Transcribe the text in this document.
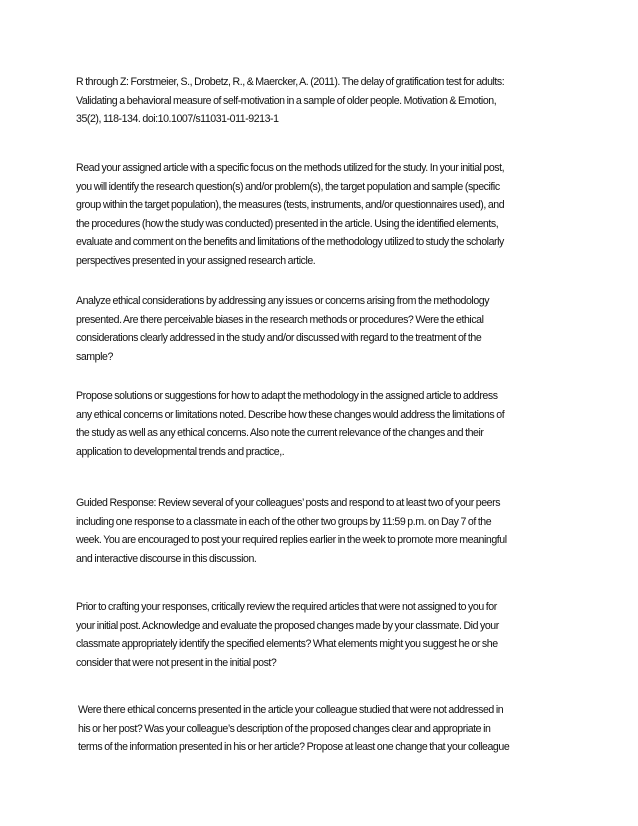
R through Z: Forstmeier, S., Drobetz, R., & Maercker, A. (2011). The delay of gratification test for adults:
Validating a behavioral measure of self-motivation in a sample of older people. Motivation & Emotion,
35(2), 118-134. doi:10.1007/s11031-011-9213-1

Read your assigned article with a specific focus on the methods utilized for the study. In your initial post,
you will identify the research question(s) and/or problem(s), the target population and sample (specific
group within the target population), the measures (tests, instruments, and/or questionnaires used), and
the procedures (how the study was conducted) presented in the article. Using the identified elements,
evaluate and comment on the benefits and limitations of the methodology utilized to study the scholarly
perspectives presented in your assigned research article.

Analyze ethical considerations by addressing any issues or concerns arising from the methodology
presented. Are there perceivable biases in the research methods or procedures? Were the ethical
considerations clearly addressed in the study and/or discussed with regard to the treatment of the
sample?

Propose solutions or suggestions for how to adapt the methodology in the assigned article to address
any ethical concerns or limitations noted. Describe how these changes would address the limitations of
the study as well as any ethical concerns. Also note the current relevance of the changes and their
application to developmental trends and practice,.

Guided Response: Review several of your colleagues’ posts and respond to at least two of your peers
including one response to a classmate in each of the other two groups by 11:59 p.m. on Day 7 of the
week. You are encouraged to post your required replies earlier in the week to promote more meaningful
and interactive discourse in this discussion.

Prior to crafting your responses, critically review the required articles that were not assigned to you for
your initial post. Acknowledge and evaluate the proposed changes made by your classmate. Did your
classmate appropriately identify the specified elements? What elements might you suggest he or she
consider that were not present in the initial post?

Were there ethical concerns presented in the article your colleague studied that were not addressed in
his or her post? Was your colleague’s description of the proposed changes clear and appropriate in
terms of the information presented in his or her article? Propose at least one change that your colleague
